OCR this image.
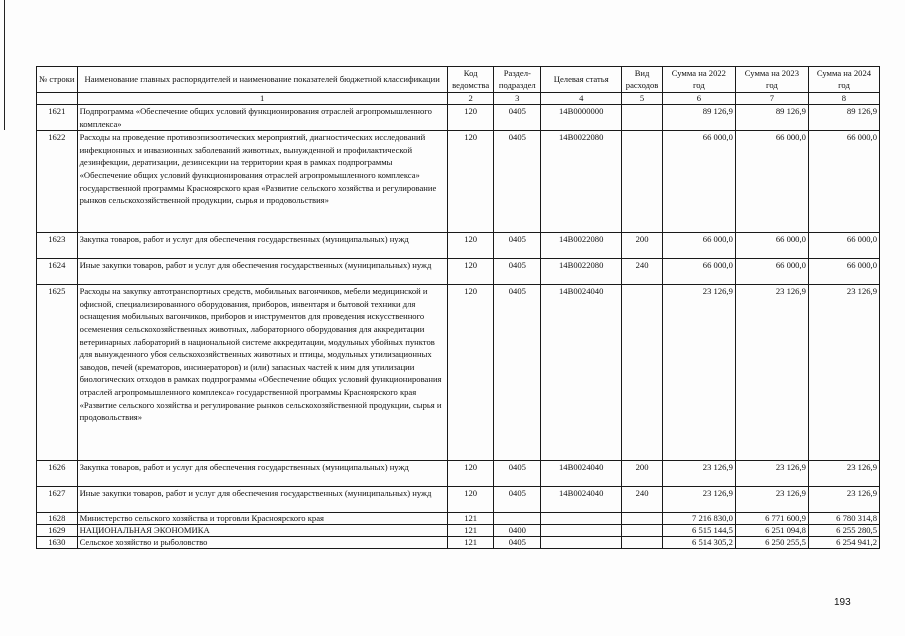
№ строки	Наименование главных распорядителей и наименование показателей бюджетной классификации	Код ведомства	Раздел-подраздел	Целевая статья	Вид расходов	Сумма на 2022 год	Сумма на 2023 год	Сумма на 2024 год
	1	2	3	4	5	6	7	8
1621	Подпрограмма «Обеспечение общих условий функционирования отраслей агропромышленного комплекса»	120	0405	14В0000000		89 126,9	89 126,9	89 126,9
1622	Расходы на проведение противоэпизоотических мероприятий, диагностических исследований инфекционных и инвазионных заболеваний животных, вынужденной и профилактической дезинфекции, дератизации, дезинсекции на территории края в рамках подпрограммы «Обеспечение общих условий функционирования отраслей агропромышленного комплекса» государственной программы Красноярского края «Развитие сельского хозяйства и регулирование рынков сельскохозяйственной продукции, сырья и продовольствия»	120	0405	14В0022080		66 000,0	66 000,0	66 000,0
1623	Закупка товаров, работ и услуг для обеспечения государственных (муниципальных) нужд	120	0405	14В0022080	200	66 000,0	66 000,0	66 000,0
1624	Иные закупки товаров, работ и услуг для обеспечения государственных (муниципальных) нужд	120	0405	14В0022080	240	66 000,0	66 000,0	66 000,0
1625	Расходы на закупку автотранспортных средств, мобильных вагончиков, мебели медицинской и офисной, специализированного оборудования, приборов, инвентаря и бытовой техники для оснащения мобильных вагончиков, приборов и инструментов для проведения искусственного осеменения сельскохозяйственных животных, лабораторного оборудования для аккредитации ветеринарных лабораторий в национальной системе аккредитации, модульных убойных пунктов для вынужденного убоя сельскохозяйственных животных и птицы, модульных утилизационных заводов, печей (крематоров, инсинераторов) и (или) запасных частей к ним для утилизации биологических отходов в рамках подпрограммы «Обеспечение общих условий функционирования отраслей агропромышленного комплекса» государственной программы Красноярского края «Развитие сельского хозяйства и регулирование рынков сельскохозяйственной продукции, сырья и продовольствия»	120	0405	14В0024040		23 126,9	23 126,9	23 126,9
1626	Закупка товаров, работ и услуг для обеспечения государственных (муниципальных) нужд	120	0405	14В0024040	200	23 126,9	23 126,9	23 126,9
1627	Иные закупки товаров, работ и услуг для обеспечения государственных (муниципальных) нужд	120	0405	14В0024040	240	23 126,9	23 126,9	23 126,9
1628	Министерство сельского хозяйства и торговли Красноярского края	121				7 216 830,0	6 771 600,9	6 780 314,8
1629	НАЦИОНАЛЬНАЯ ЭКОНОМИКА	121	0400			6 515 144,5	6 251 094,8	6 255 280,5
1630	Сельское хозяйство и рыболовство	121	0405			6 514 305,2	6 250 255,5	6 254 941,2
193
